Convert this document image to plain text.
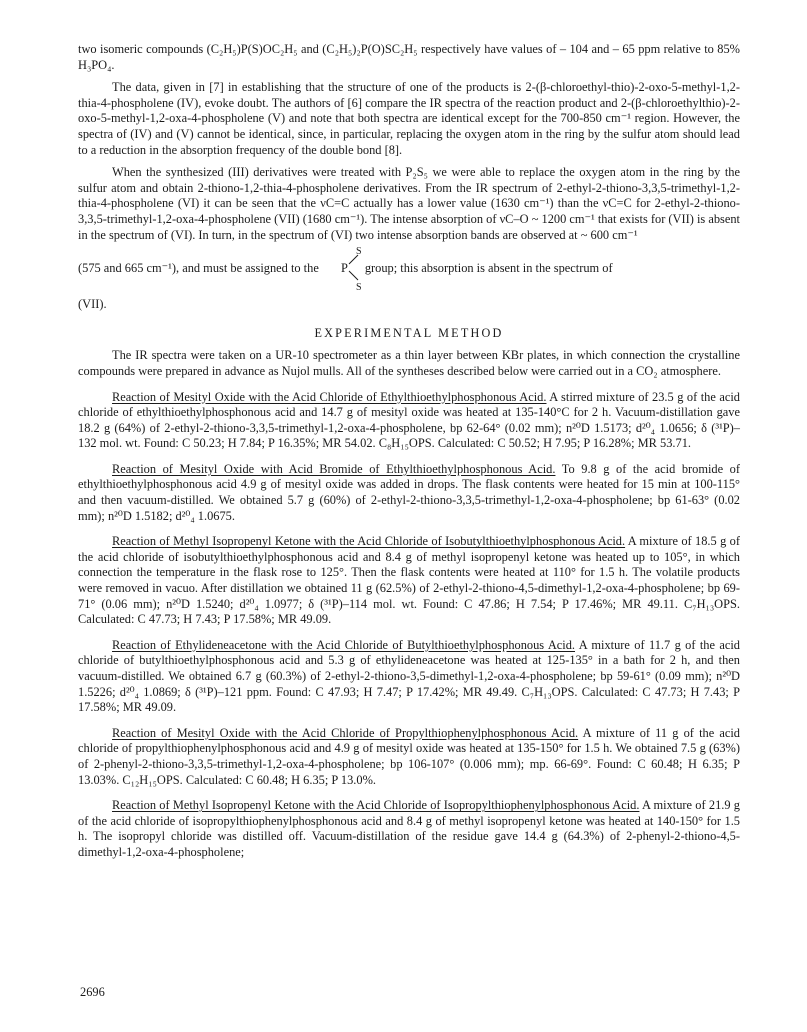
two isomeric compounds (C₂H₅)P(S)OC₂H₅ and (C₂H₅)₂P(O)SC₂H₅ respectively have values of – 104 and – 65 ppm relative to 85% H₃PO₄.

The data, given in [7] in establishing that the structure of one of the products is 2-(β-chloroethyl-thio)-2-oxo-5-methyl-1,2-thia-4-phospholene (IV), evoke doubt. The authors of [6] compare the IR spectra of the reaction product and 2-(β-chloroethylthio)-2-oxo-5-methyl-1,2-oxa-4-phospholene (V) and note that both spectra are identical except for the 700-850 cm⁻¹ region. However, the spectra of (IV) and (V) cannot be identical, since, in particular, replacing the oxygen atom in the ring by the sulfur atom should lead to a reduction in the absorption frequency of the double bond [8].

When the synthesized (III) derivatives were treated with P₂S₅ we were able to replace the oxygen atom in the ring by the sulfur atom and obtain 2-thiono-1,2-thia-4-phospholene derivatives. From the IR spectrum of 2-ethyl-2-thiono-3,3,5-trimethyl-1,2-thia-4-phospholene (VI) it can be seen that the νC=C actually has a lower value (1630 cm⁻¹) than the νC=C for 2-ethyl-2-thiono-3,3,5-trimethyl-1,2-oxa-4-phospholene (VII) (1680 cm⁻¹). The intense absorption of νC–O ~ 1200 cm⁻¹ that exists for (VII) is absent in the spectrum of (VI). In turn, in the spectrum of (VI) two intense absorption bands are observed at ~ 600 cm⁻¹

(575 and 665 cm⁻¹), and must be assigned to the P
S
S
group; this absorption is absent in the spectrum of

(VII).

EXPERIMENTAL METHOD

The IR spectra were taken on a UR-10 spectrometer as a thin layer between KBr plates, in which connection the crystalline compounds were prepared in advance as Nujol mulls. All of the syntheses described below were carried out in a CO₂ atmosphere.

Reaction of Mesityl Oxide with the Acid Chloride of Ethylthioethylphosphonous Acid. A stirred mixture of 23.5 g of the acid chloride of ethylthioethylphosphonous acid and 14.7 g of mesityl oxide was heated at 135-140°C for 2 h. Vacuum-distillation gave 18.2 g (64%) of 2-ethyl-2-thiono-3,3,5-trimethyl-1,2-oxa-4-phospholene, bp 62-64° (0.02 mm); n²⁰D 1.5173; d²⁰₄ 1.0656; δ (³¹P)–132 mol. wt. Found: C 50.23; H 7.84; P 16.35%; MR 54.02. C₈H₁₅OPS. Calculated: C 50.52; H 7.95; P 16.28%; MR 53.71.

Reaction of Mesityl Oxide with Acid Bromide of Ethylthioethylphosphonous Acid. To 9.8 g of the acid bromide of ethylthioethylphosphonous acid 4.9 g of mesityl oxide was added in drops. The flask contents were heated for 15 min at 100-115° and then vacuum-distilled. We obtained 5.7 g (60%) of 2-ethyl-2-thiono-3,3,5-trimethyl-1,2-oxa-4-phospholene; bp 61-63° (0.02 mm); n²⁰D 1.5182; d²⁰₄ 1.0675.

Reaction of Methyl Isopropenyl Ketone with the Acid Chloride of Isobutylthioethylphosphonous Acid. A mixture of 18.5 g of the acid chloride of isobutylthioethylphosphonous acid and 8.4 g of methyl isopropenyl ketone was heated up to 105°, in which connection the temperature in the flask rose to 125°. Then the flask contents were heated at 110° for 1.5 h. The volatile products were removed in vacuo. After distillation we obtained 11 g (62.5%) of 2-ethyl-2-thiono-4,5-dimethyl-1,2-oxa-4-phospholene; bp 69-71° (0.06 mm); n²⁰D 1.5240; d²⁰₄ 1.0977; δ (³¹P)–114 mol. wt. Found: C 47.86; H 7.54; P 17.46%; MR 49.11. C₇H₁₃OPS. Calculated: C 47.73; H 7.43; P 17.58%; MR 49.09.

Reaction of Ethylideneacetone with the Acid Chloride of Butylthioethylphosphonous Acid. A mixture of 11.7 g of the acid chloride of butylthioethylphosphonous acid and 5.3 g of ethylideneacetone was heated at 125-135° in a bath for 2 h, and then vacuum-distilled. We obtained 6.7 g (60.3%) of 2-ethyl-2-thiono-3,5-dimethyl-1,2-oxa-4-phospholene; bp 59-61° (0.09 mm); n²⁰D 1.5226; d²⁰₄ 1.0869; δ (³¹P)–121 ppm. Found: C 47.93; H 7.47; P 17.42%; MR 49.49. C₇H₁₃OPS. Calculated: C 47.73; H 7.43; P 17.58%; MR 49.09.

Reaction of Mesityl Oxide with the Acid Chloride of Propylthiophenylphosphonous Acid. A mixture of 11 g of the acid chloride of propylthiophenylphosphonous acid and 4.9 g of mesityl oxide was heated at 135-150° for 1.5 h. We obtained 7.5 g (63%) of 2-phenyl-2-thiono-3,3,5-trimethyl-1,2-oxa-4-phospholene; bp 106-107° (0.006 mm); mp. 66-69°. Found: C 60.48; H 6.35; P 13.03%. C₁₂H₁₅OPS. Calculated: C 60.48; H 6.35; P 13.0%.

Reaction of Methyl Isopropenyl Ketone with the Acid Chloride of Isopropylthiophenylphosphonous Acid. A mixture of 21.9 g of the acid chloride of isopropylthiophenylphosphonous acid and 8.4 g of methyl isopropenyl ketone was heated at 140-150° for 1.5 h. The isopropyl chloride was distilled off. Vacuum-distillation of the residue gave 14.4 g (64.3%) of 2-phenyl-2-thiono-4,5-dimethyl-1,2-oxa-4-phospholene;

2696
